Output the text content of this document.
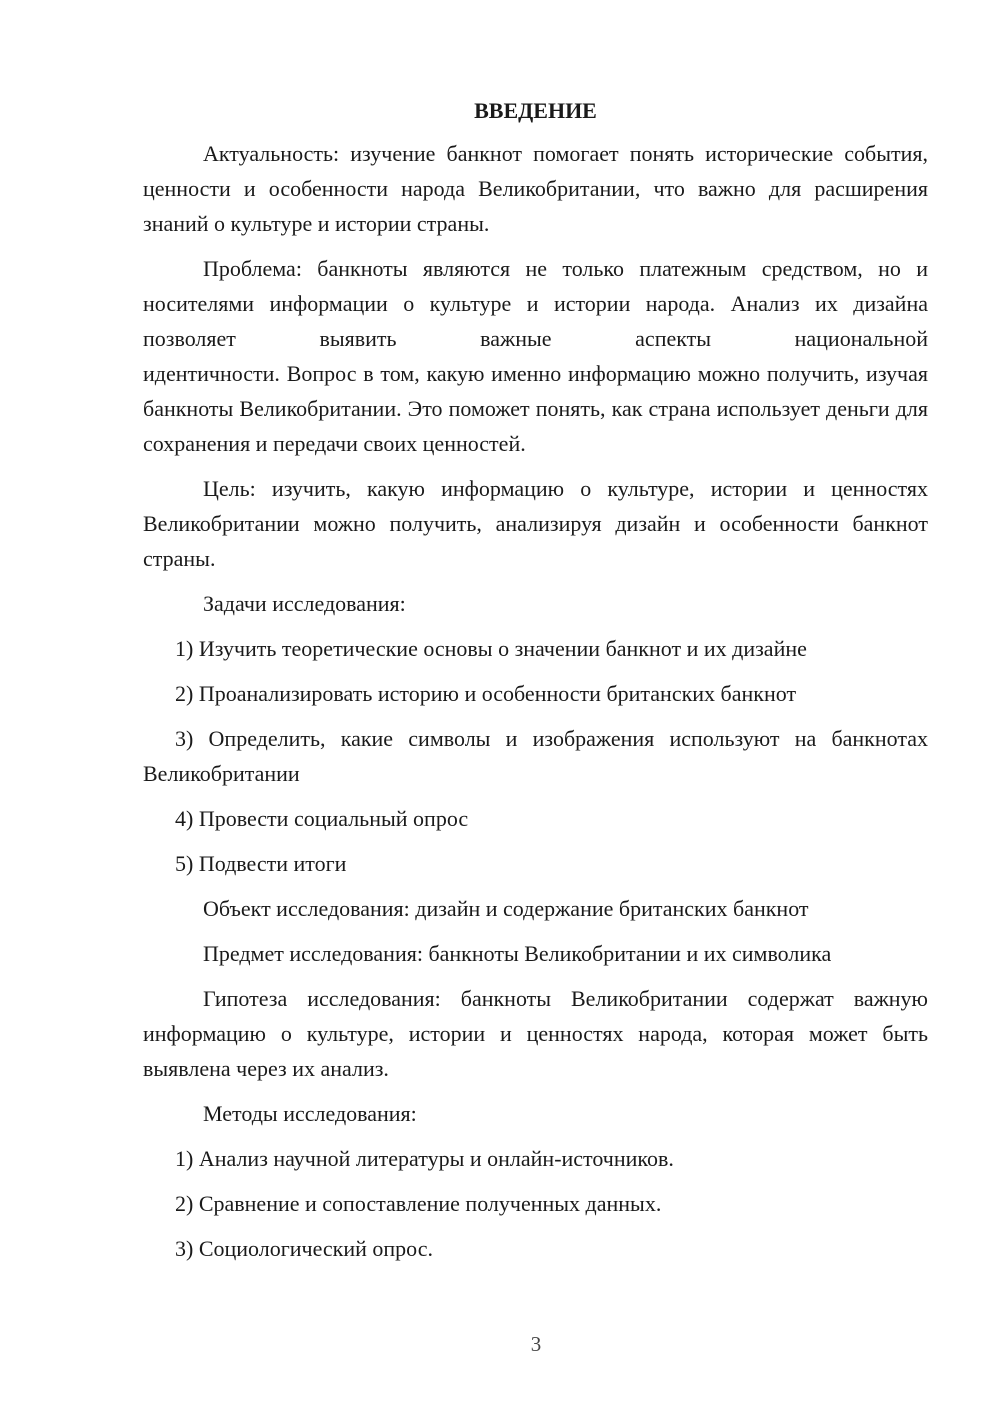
ВВЕДЕНИЕ
Актуальность: изучение банкнот помогает понять исторические события, ценности и особенности народа Великобритании, что важно для расширения знаний о культуре и истории страны.
Проблема: банкноты являются не только платежным средством, но и носителями информации о культуре и истории народа. Анализ их дизайна позволяет выявить важные аспекты национальной
идентичности. Вопрос в том, какую именно информацию можно получить, изучая банкноты Великобритании. Это поможет понять, как страна использует деньги для сохранения и передачи своих ценностей.
Цель: изучить, какую информацию о культуре, истории и ценностях Великобритании можно получить, анализируя дизайн и особенности банкнот страны.
Задачи исследования:
1) Изучить теоретические основы о значении банкнот и их дизайне
2) Проанализировать историю и особенности британских банкнот
3) Определить, какие символы и изображения используют на банкнотах Великобритании
4) Провести социальный опрос
5) Подвести итоги
Объект исследования: дизайн и содержание британских банкнот
Предмет исследования: банкноты Великобритании и их символика
Гипотеза исследования: банкноты Великобритании содержат важную информацию о культуре, истории и ценностях народа, которая может быть выявлена через их анализ.
Методы исследования:
1) Анализ научной литературы и онлайн-источников.
2) Сравнение и сопоставление полученных данных.
3) Социологический опрос.
3
